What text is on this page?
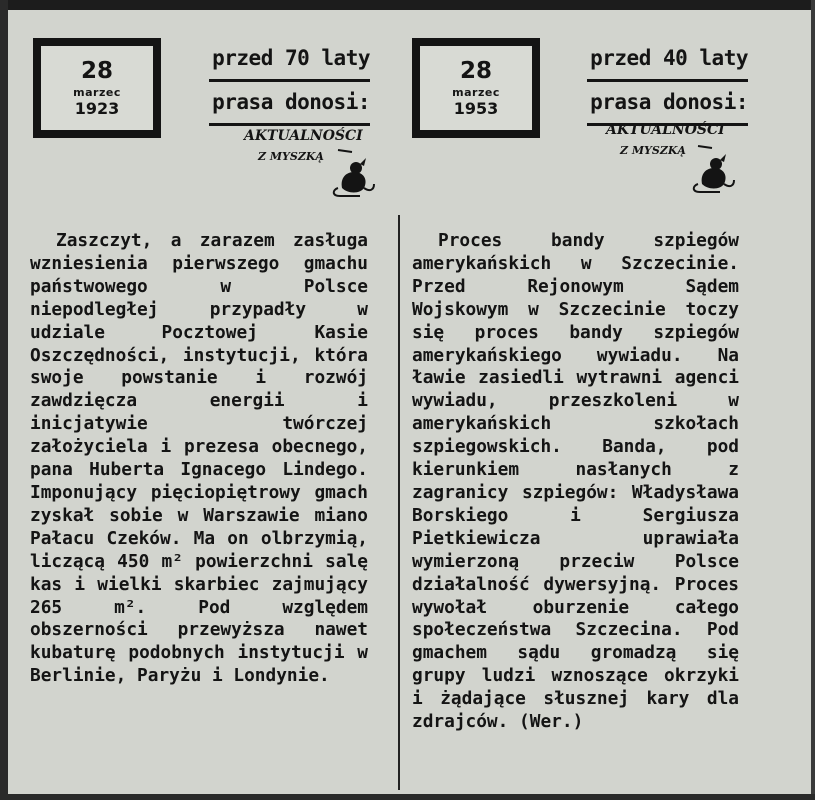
28
marzec
1923
przed 70 laty
prasa donosi:
AKTUALNOŚCI
Z MYSZKĄ

Zaszczyt, a zarazem zasługa wzniesienia pierwszego gmachu państwowego w Polsce niepodległej przypadły w udziale Pocztowej Kasie Oszczędności, instytucji, która swoje powstanie i rozwój zawdzięcza energii i inicjatywie twórczej założyciela i prezesa obecnego, pana Huberta Ignacego Lindego. Imponujący pięciopiętrowy gmach zyskał sobie w Warszawie miano Pałacu Czeków. Ma on olbrzymią, liczącą 450 m² powierzchni salę kas i wielki skarbiec zajmujący 265 m². Pod względem obszerności przewyższa nawet kubaturę podobnych instytucji w Berlinie, Paryżu i Londynie.

28
marzec
1953
przed 40 laty
prasa donosi:
AKTUALNOŚCI
Z MYSZKĄ

Proces bandy szpiegów amerykańskich w Szczecinie. Przed Rejonowym Sądem Wojskowym w Szczecinie toczy się proces bandy szpiegów amerykańskiego wywiadu. Na ławie zasiedli wytrawni agenci wywiadu, przeszkoleni w amerykańskich szkołach szpiegowskich. Banda, pod kierunkiem nasłanych z zagranicy szpiegów: Władysława Borskiego i Sergiusza Pietkiewicza uprawiała wymierzoną przeciw Polsce działalność dywersyjną. Proces wywołał oburzenie całego społeczeństwa Szczecina. Pod gmachem sądu gromadzą się grupy ludzi wznoszące okrzyki i żądające słusznej kary dla zdrajców. (Wer.)
